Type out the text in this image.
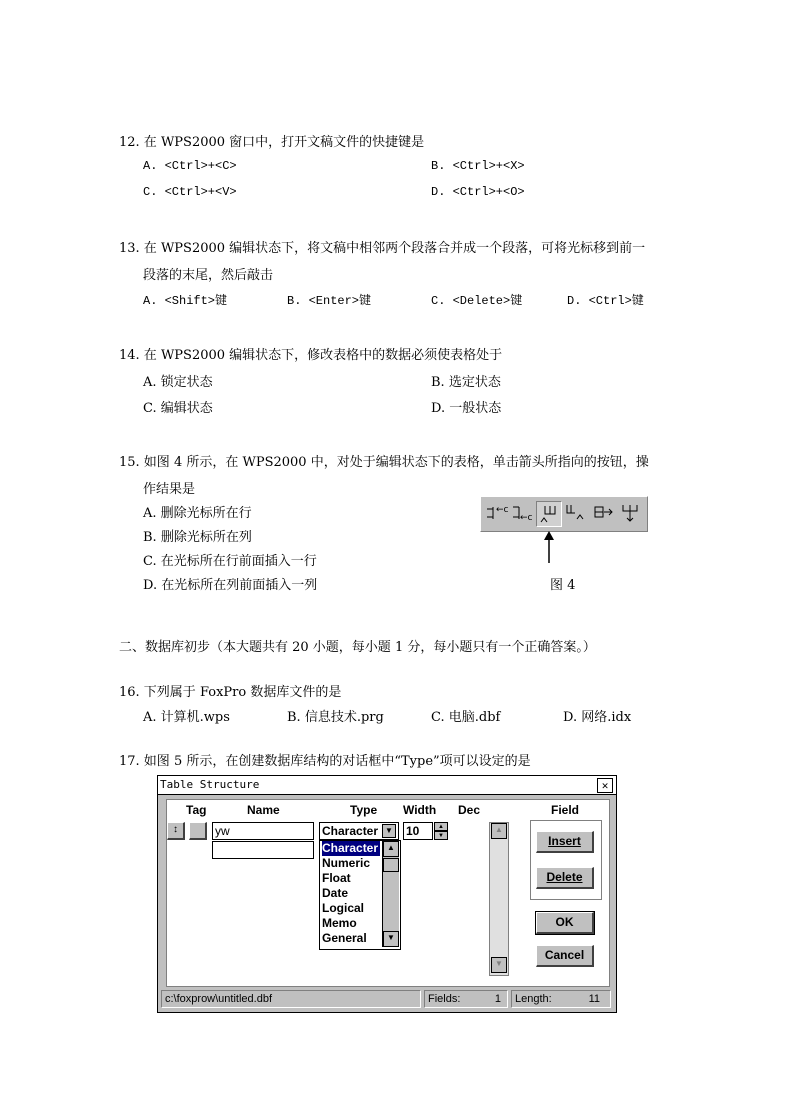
12. 在 WPS2000 窗口中，打开文稿文件的快捷键是
A. <Ctrl>+<C>	B. <Ctrl>+<X>
C. <Ctrl>+<V>	D. <Ctrl>+<O>
13. 在 WPS2000 编辑状态下，将文稿中相邻两个段落合并成一个段落，可将光标移到前一
段落的末尾，然后敲击
A. <Shift>键	B. <Enter>键	C. <Delete>键	D. <Ctrl>键
14. 在 WPS2000 编辑状态下，修改表格中的数据必须使表格处于
A. 锁定状态	B. 选定状态
C. 编辑状态	D. 一般状态
15. 如图 4 所示，在 WPS2000 中，对处于编辑状态下的表格，单击箭头所指向的按钮，操
作结果是
A. 删除光标所在行
B. 删除光标所在列
C. 在光标所在行前面插入一行
D. 在光标所在列前面插入一列
←c
←c
图 4
二、数据库初步（本大题共有 20 小题，每小题 1 分，每小题只有一个正确答案。）
16. 下列属于 FoxPro 数据库文件的是
A. 计算机.wps	B. 信息技术.prg	C. 电脑.dbf	D. 网络.idx
17. 如图 5 所示，在创建数据库结构的对话框中“Type”项可以设定的是
Table Structure	✕
Tag	Name	Type Width Dec	Field
↕	yw	Character ▼ 10	▲
▼
▲
▼
Character
Numeric
Float
Date
Logical
Memo
General
▲
▼
Insert
Delete
OK
Cancel
c:\foxprow\untitled.dbf	Fields:	1	Length:	11
